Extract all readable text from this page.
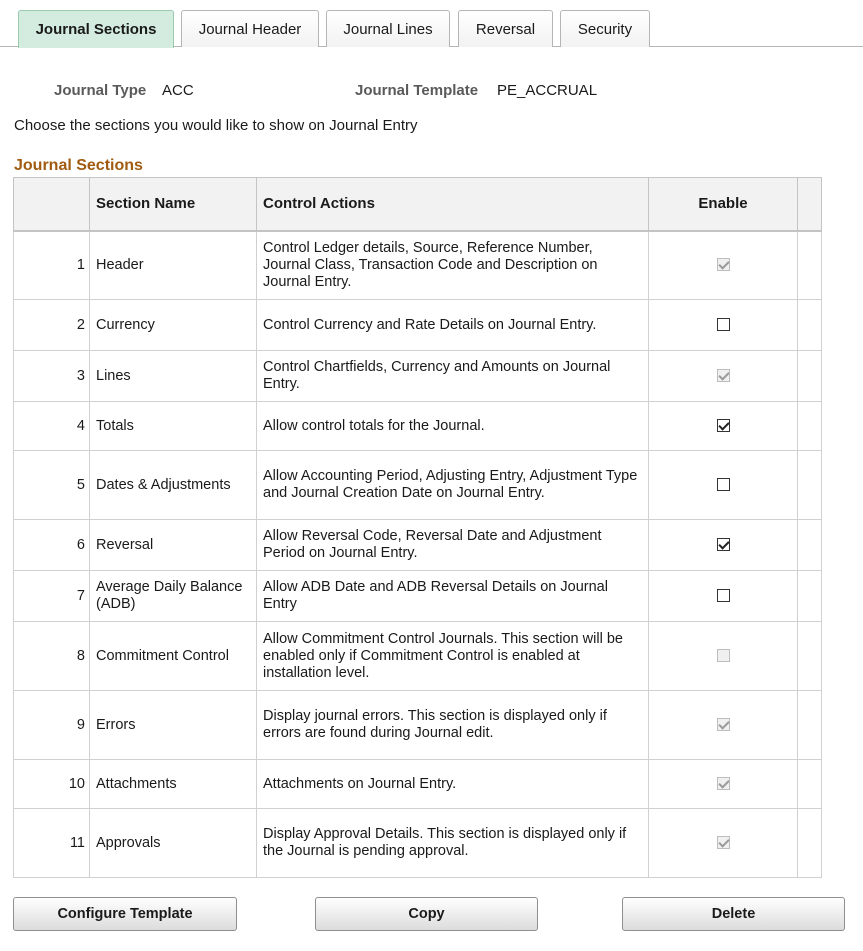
Journal Sections	Journal Header	Journal Lines	Reversal	Security
Journal Type ACC	Journal Template PE_ACCRUAL
Choose the sections you would like to show on Journal Entry
Journal Sections
	Section Name	Control Actions	Enable	
1	Header	Control Ledger details, Source, Reference Number, Journal Class, Transaction Code and Description on Journal Entry.		
2	Currency	Control Currency and Rate Details on Journal Entry.		
3	Lines	Control Chartfields, Currency and Amounts on Journal Entry.		
4	Totals	Allow control totals for the Journal.		
5	Dates & Adjustments	Allow Accounting Period, Adjusting Entry, Adjustment Type and Journal Creation Date on Journal Entry.		
6	Reversal	Allow Reversal Code, Reversal Date and Adjustment Period on Journal Entry.		
7	Average Daily Balance (ADB)	Allow ADB Date and ADB Reversal Details on Journal Entry		
8	Commitment Control	Allow Commitment Control Journals. This section will be enabled only if Commitment Control is enabled at installation level.		
9	Errors	Display journal errors. This section is displayed only if errors are found during Journal edit.		
10	Attachments	Attachments on Journal Entry.		
11	Approvals	Display Approval Details. This section is displayed only if the Journal is pending approval.		
Configure Template	Copy	Delete
